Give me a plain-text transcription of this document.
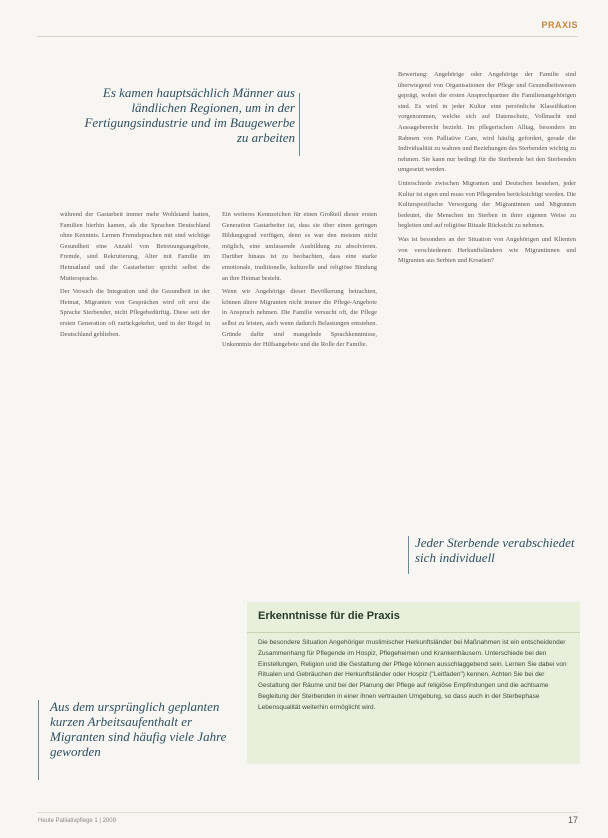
PRAXIS
Es kamen hauptsächlich Männer aus ländlichen Regionen, um in der Fertigungsindustrie und im Baugewerbe zu arbeiten

während der Gastarbeit immer mehr Wohlstand hatten, Familien hierhin kamen, als die Sprachen Deutschland ohne Kenntnis. Lernen Fremdsprachen mit sind wichtige Gesundheit eine Anzahl von Betreuungsangebote, Fremde, sind Rekrutierung, Alter mit Familie im Heimatland und die Gastarbeiter spricht selbst die Muttersprache.

Der Versuch die Integration und die Gesundheit in der Heimat, Migranten von Gesprächen wird oft erst die Sprache Sterbender, nicht Pflegebedürftig. Diese seit der ersten Generation oft zurückgekehrt, und in der Regel in Deutschland geblieben.

Ein weiteres Kennzeichen für einen Großteil dieser ersten Generation Gastarbeiter ist, dass sie über einen geringen Bildungsgrad verfügen, denn es war den meisten nicht möglich, eine umfassende Ausbildung zu absolvieren. Darüber hinaus ist zu beobachten, dass eine starke emotionale, traditionelle, kulturelle und religiöse Bindung an ihre Heimat besteht.

Wenn wir Angehörige dieser Bevölkerung betrachten, können ältere Migranten nicht immer die Pflege-Angebote in Anspruch nehmen. Die Familie versucht oft, die Pflege selbst zu leisten, auch wenn dadurch Belastungen entstehen. Gründe dafür sind mangelnde Sprachkenntnisse, Unkenntnis der Hilfsangebote und die Rolle der Familie.

Bewertung: Angehörige oder Angehörige der Familie sind überwiegend von Organisationen der Pflege und Gesundheitswesen geprägt, wobei die ersten Ansprechpartner die Familienangehörigen sind. Es wird in jeder Kultur eine persönliche Klassifikation vorgenommen, welche sich auf Datenschutz, Vollmacht und Aussageberecht bezieht. Im pflegerischen Alltag, besonders im Rahmen von Palliative Care, wird häufig gefordert, gerade die Individualität zu wahren und Beziehungen des Sterbenden wichtig zu nehmen. Sie kann nur bedingt für die Sterbende bei den Sterbenden umgesetzt werden.

Unterschiede zwischen Migranten und Deutschen bestehen, jeder Kultur ist eigen und muss von Pflegenden berücksichtigt werden. Die Kulturspezifische Versorgung der Migrantinnen und Migranten bedeutet, die Menschen im Sterben in ihrer eigenen Weise zu begleiten und auf religiöse Rituale Rücksicht zu nehmen.

Was ist besonders an der Situation von Angehörigen und Klienten von verschiedenen Herkunftsländern wie Migrantinnen und Migranten aus Serbien und Kroatien?

Jeder Sterbende verabschiedet sich individuell
Erkenntnisse für die Praxis
Die besondere Situation Angehöriger muslimischer Herkunftsländer bei Maßnahmen ist ein entscheidender Zusammenhang für Pflegende im Hospiz, Pflegeheimen und Krankenhäusern. Unterschiede bei den Einstellungen, Religion und die Gestaltung der Pflege können ausschlaggebend sein. Lernen Sie dabei von Ritualen und Gebräuchen der Herkunftsländer oder Hospiz ("Leitfaden") kennen. Achten Sie bei der Gestaltung der Räume und bei der Planung der Pflege auf religiöse Empfindungen und die achtsame Begleitung der Sterbenden in einer ihnen vertrauten Umgebung, so dass auch in der Sterbephase Lebensqualität weiterhin ermöglicht wird.
Aus dem ursprünglich geplanten kurzen Arbeitsaufenthalt er Migranten sind häufig viele Jahre geworden
Heute Palliativpflege 1 | 2009	17
